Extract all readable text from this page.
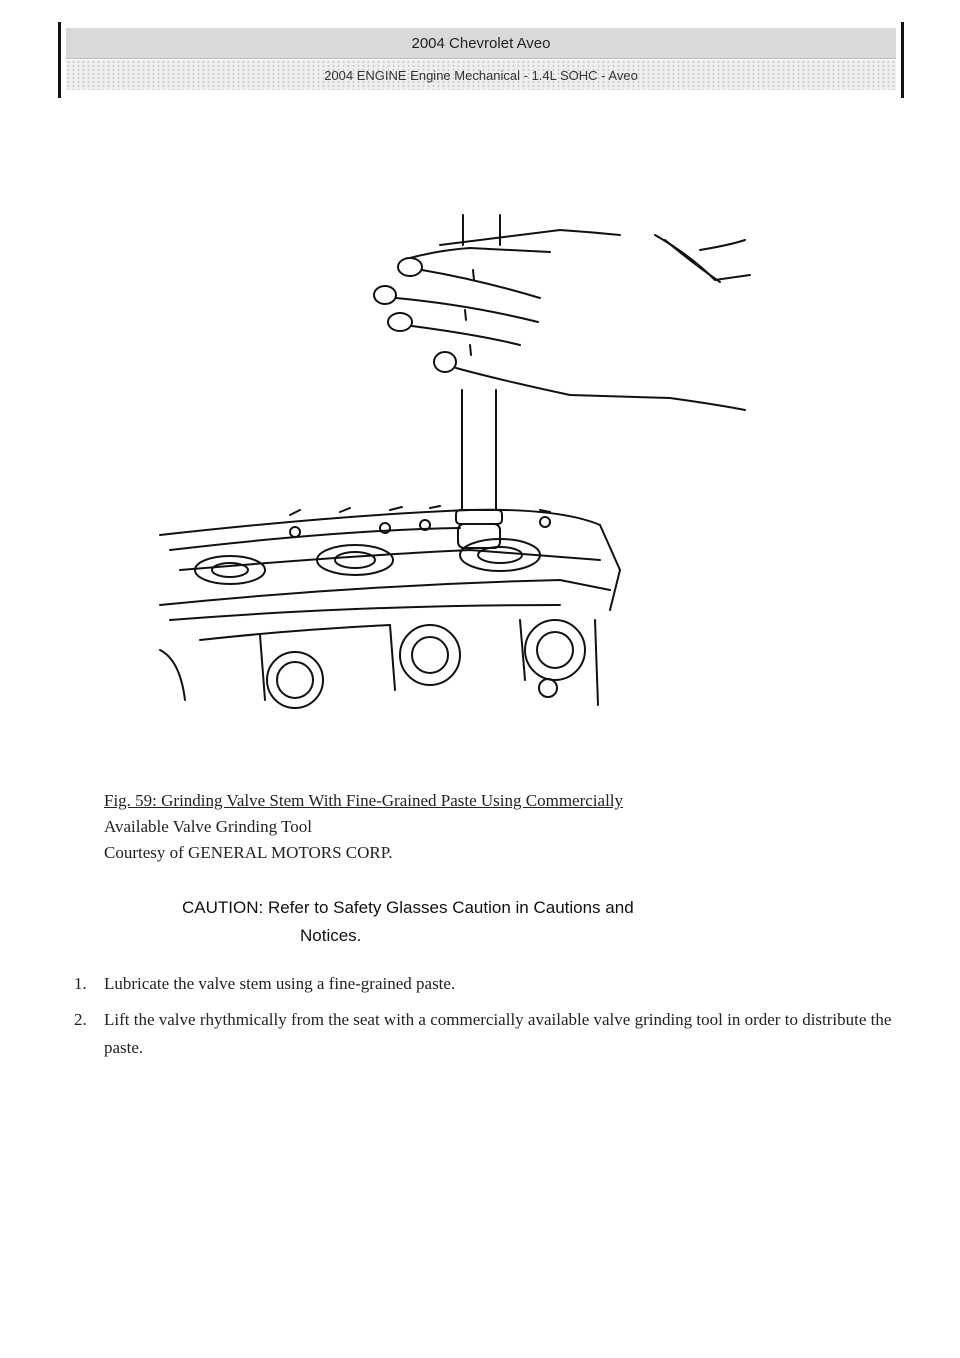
2004 Chevrolet Aveo
2004 ENGINE Engine Mechanical - 1.4L SOHC - Aveo
Fig. 59: Grinding Valve Stem With Fine-Grained Paste Using Commercially
Available Valve Grinding Tool
Courtesy of GENERAL MOTORS CORP.
CAUTION: Refer to Safety Glasses Caution in Cautions and
Notices.
1.	Lubricate the valve stem using a fine-grained paste.
2.	Lift the valve rhythmically from the seat with a commercially available valve grinding tool in order to distribute the paste.
